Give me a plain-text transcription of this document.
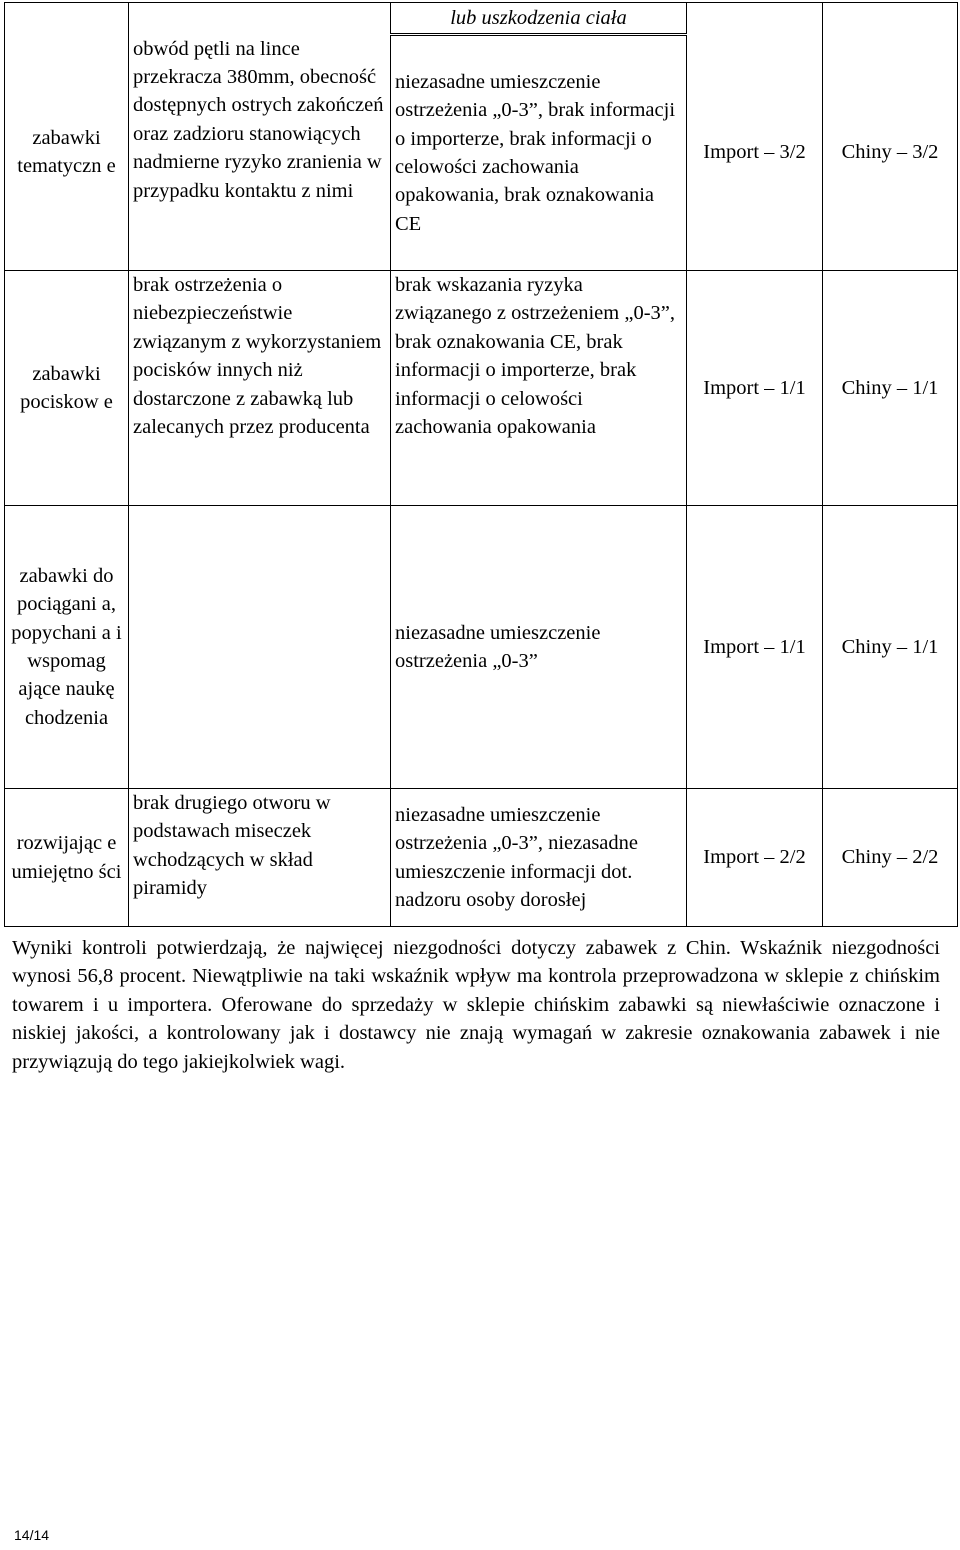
		lub uszkodzenia ciała		
zabawki tematyczn e	obwód pętli na lince przekracza 380mm, obecność dostępnych ostrych zakończeń oraz zadzioru stanowiących nadmierne ryzyko zranienia w przypadku kontaktu z nimi	niezasadne umieszczenie ostrzeżenia „0-3”, brak informacji o importerze, brak informacji o celowości zachowania opakowania, brak oznakowania CE	Import – 3/2	Chiny – 3/2
zabawki pociskow e	brak ostrzeżenia o niebezpieczeństwie związanym z wykorzystaniem pocisków innych niż dostarczone z zabawką lub zalecanych przez producenta	brak wskazania ryzyka związanego z ostrzeżeniem „0-3”, brak oznakowania CE, brak informacji o importerze, brak informacji o celowości zachowania opakowania	Import – 1/1	Chiny – 1/1
zabawki do pociągani a, popychani a i wspomag ające naukę chodzenia		niezasadne umieszczenie ostrzeżenia „0-3”	Import – 1/1	Chiny – 1/1
rozwijając e umiejętno ści	brak drugiego otworu w podstawach miseczek wchodzących w skład piramidy	niezasadne umieszczenie ostrzeżenia „0-3”, niezasadne umieszczenie informacji dot. nadzoru osoby dorosłej	Import – 2/2	Chiny – 2/2

Wyniki kontroli potwierdzają, że najwięcej niezgodności dotyczy zabawek z Chin. Wskaźnik niezgodności wynosi 56,8 procent. Niewątpliwie na taki wskaźnik wpływ ma kontrola przeprowadzona w sklepie z chińskim towarem i u importera. Oferowane do sprzedaży w sklepie chińskim zabawki są niewłaściwie oznaczone i niskiej jakości, a kontrolowany jak i dostawcy nie znają wymagań w zakresie oznakowania zabawek i nie przywiązują do tego jakiejkolwiek wagi.

14/14
